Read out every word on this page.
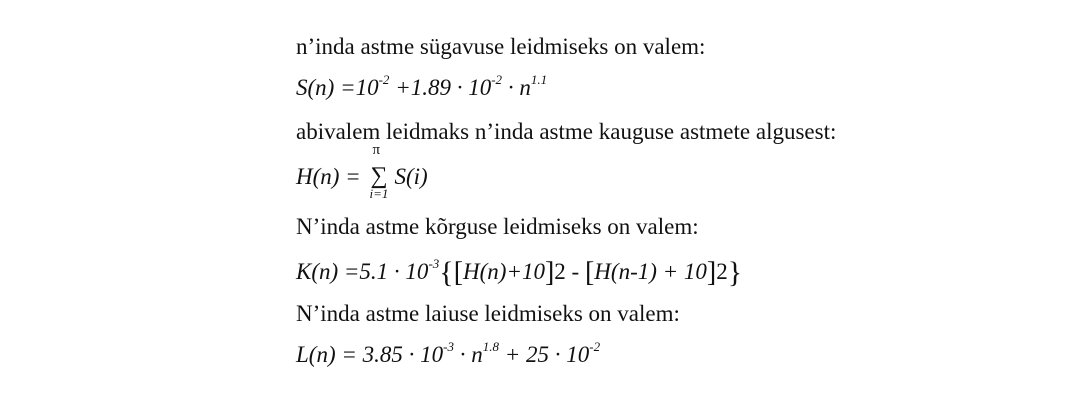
n’inda astme sügavuse leidmiseks on valem:
$S(n) =10^{-2} +1.89 \cdot 10^{-2} \cdot n^{1.1}$
abivalem leidmaks n’inda astme kauguse astmete algusest:
H(n) =
π
∑
i=1
S(i)
N’inda astme kõrguse leidmiseks on valem:
$K(n) =5.1 \cdot 10^{-3}\{[H(n)+10]2 - [H(n-1) + 10]2\}$
N’inda astme laiuse leidmiseks on valem:
$L(n) = 3.85 \cdot 10^{-3} \cdot n^{1.8} + 25 \cdot 10^{-2}$
